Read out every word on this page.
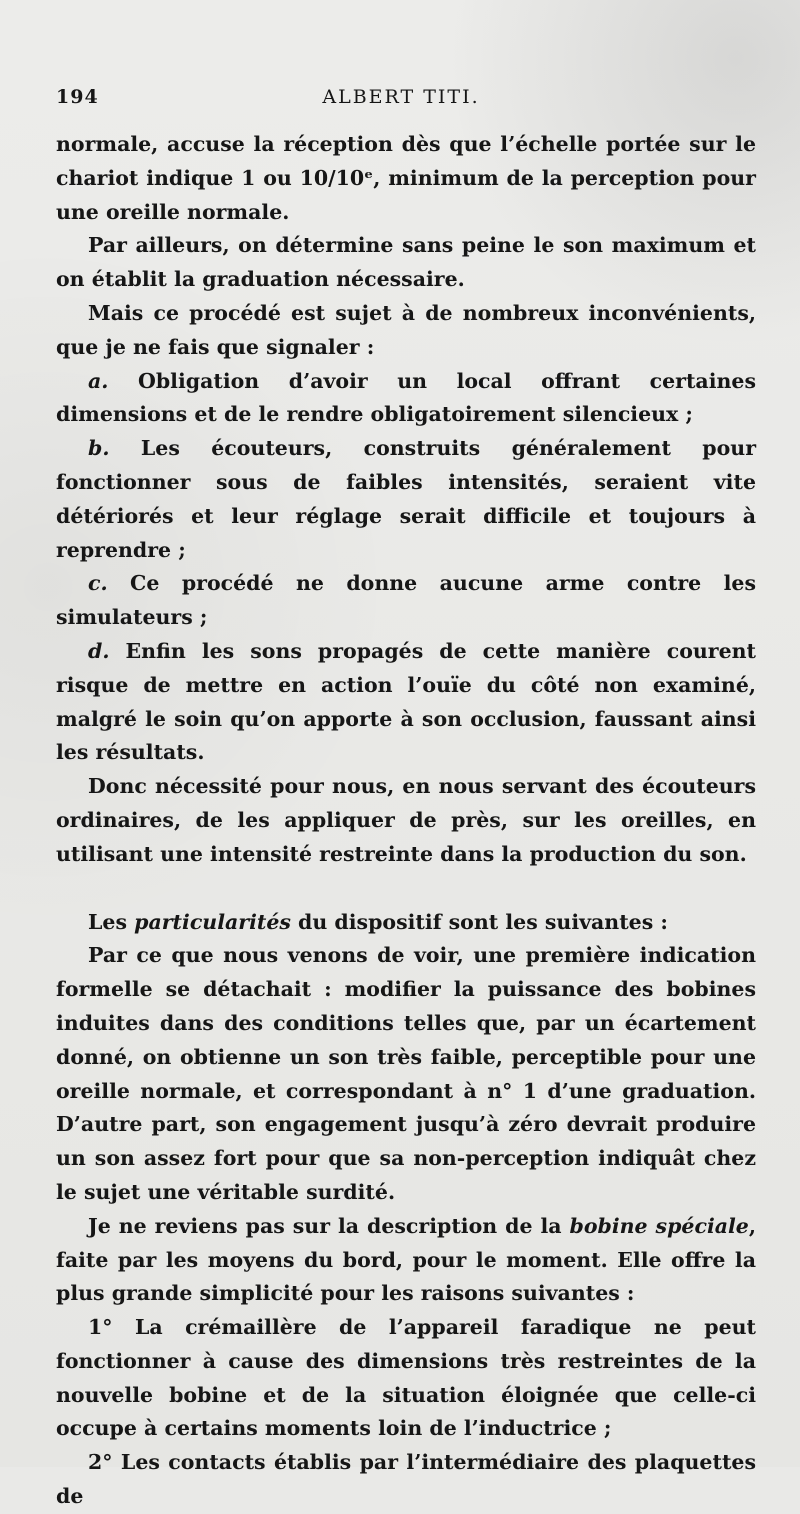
194	ALBERT TITI.

normale, accuse la réception dès que l’échelle portée sur le chariot indique 1 ou 10/10ᵉ, minimum de la perception pour une oreille normale.

Par ailleurs, on détermine sans peine le son maximum et on établit la graduation nécessaire.

Mais ce procédé est sujet à de nombreux inconvénients, que je ne fais que signaler :

a. Obligation d’avoir un local offrant certaines dimensions et de le rendre obligatoirement silencieux ;

b. Les écouteurs, construits généralement pour fonctionner sous de faibles intensités, seraient vite détériorés et leur réglage serait difficile et toujours à reprendre ;

c. Ce procédé ne donne aucune arme contre les simulateurs ;

d. Enfin les sons propagés de cette manière courent risque de mettre en action l’ouïe du côté non examiné, malgré le soin qu’on apporte à son occlusion, faussant ainsi les résultats.

Donc nécessité pour nous, en nous servant des écouteurs ordinaires, de les appliquer de près, sur les oreilles, en utilisant une intensité restreinte dans la production du son.

Les particularités du dispositif sont les suivantes :

Par ce que nous venons de voir, une première indication formelle se détachait : modifier la puissance des bobines induites dans des conditions telles que, par un écartement donné, on obtienne un son très faible, perceptible pour une oreille normale, et correspondant à n° 1 d’une graduation. D’autre part, son engagement jusqu’à zéro devrait produire un son assez fort pour que sa non-perception indiquât chez le sujet une véritable surdité.

Je ne reviens pas sur la description de la bobine spéciale, faite par les moyens du bord, pour le moment. Elle offre la plus grande simplicité pour les raisons suivantes :

1° La crémaillère de l’appareil faradique ne peut fonctionner à cause des dimensions très restreintes de la nouvelle bobine et de la situation éloignée que celle-ci occupe à certains moments loin de l’inductrice ;

2° Les contacts établis par l’intermédiaire des plaquettes de
